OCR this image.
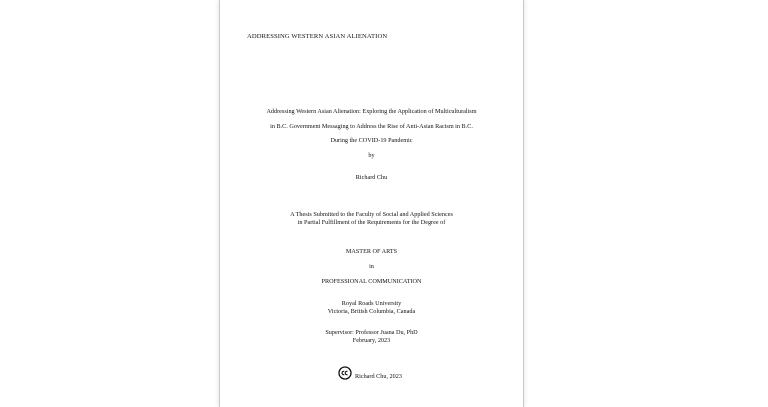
ADDRESSING WESTERN ASIAN ALIENATION
Addressing Western Asian Alienation: Exploring the Application of Multiculturalism
in B.C. Government Messaging to Address the Rise of Anti-Asian Racism in B.C.
During the COVID-19 Pandemic
by
Richard Chu
A Thesis Submitted to the Faculty of Social and Applied Sciences
in Partial Fulfillment of the Requirements for the Degree of
MASTER OF ARTS
in
PROFESSIONAL COMMUNICATION
Royal Roads University
Victoria, British Columbia, Canada
Supervisor: Professor Juana Du, PhD
February, 2023
Richard Chu, 2023
